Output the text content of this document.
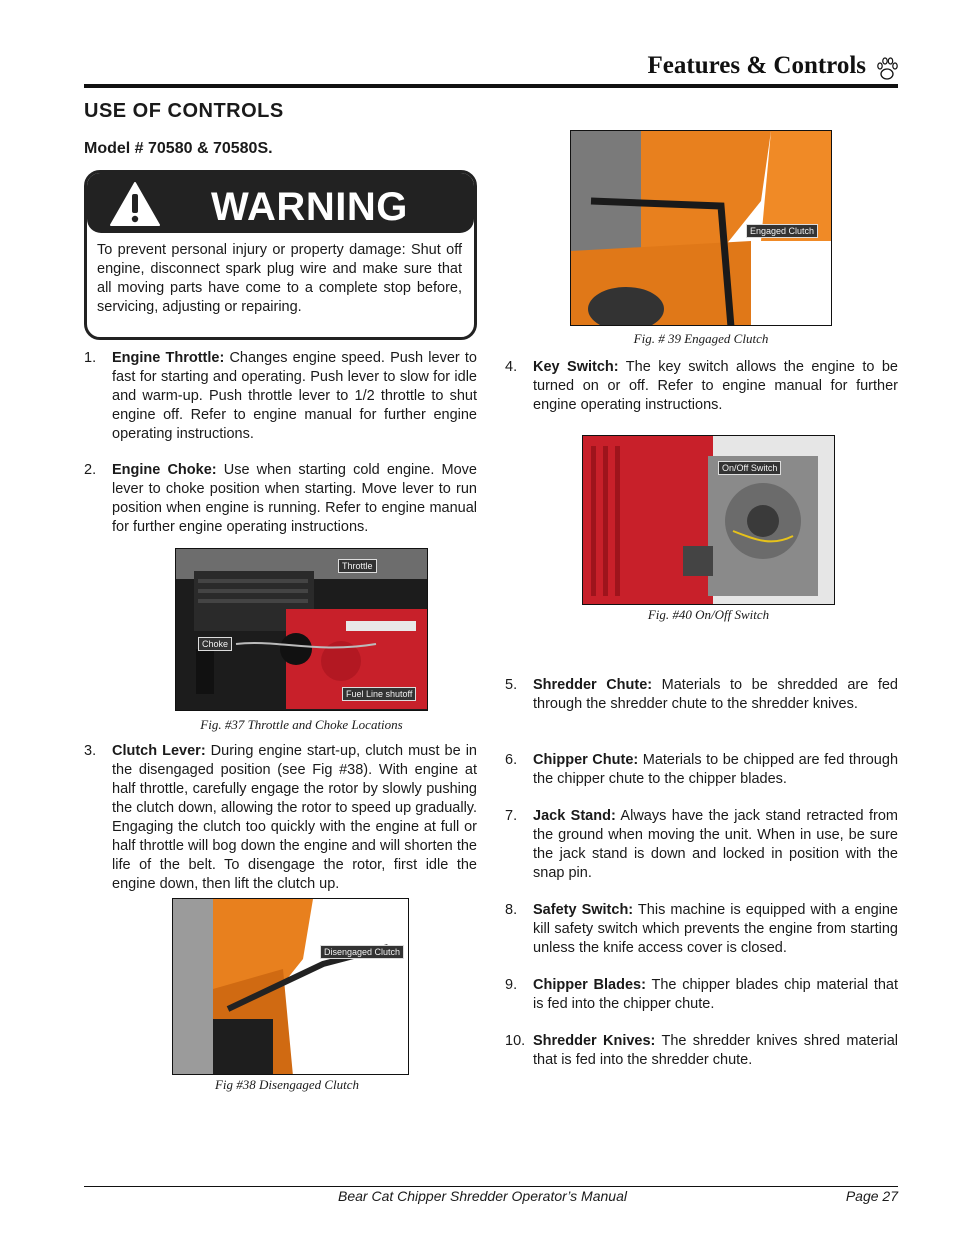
Features & Controls
USE OF CONTROLS
Model # 70580 & 70580S.
WARNING
To prevent personal injury or property damage: Shut off engine, disconnect spark plug wire and make sure that all moving parts have come to a complete stop before, servicing, adjusting or repairing.
1. Engine Throttle: Changes engine speed. Push lever to fast for starting and operating. Push lever to slow for idle and warm-up. Push throttle lever to 1/2 throttle to shut engine off. Refer to engine manual for further engine operating instructions.
2. Engine Choke: Use when starting cold engine. Move lever to choke position when starting. Move lever to run position when engine is running. Refer to engine manual for further engine operating instructions.
Throttle
Choke
Fuel Line shutoff
Fig. #37 Throttle and Choke Locations
3. Clutch Lever: During engine start-up, clutch must be in the disengaged position (see Fig #38). With engine at half throttle, carefully engage the rotor by slowly pushing the clutch down, allowing the rotor to speed up gradually. Engaging the clutch too quickly with the engine at full or half throttle will bog down the engine and will shorten the life of the belt. To disengage the rotor, first idle the engine down, then lift the clutch up.
Disengaged Clutch
Fig #38 Disengaged Clutch
Engaged Clutch
Fig. # 39 Engaged Clutch
4. Key Switch: The key switch allows the engine to be turned on or off. Refer to engine manual for further engine operating instructions.
On/Off Switch
Fig. #40 On/Off Switch
5. Shredder Chute: Materials to be shredded are fed through the shredder chute to the shredder knives.
6. Chipper Chute: Materials to be chipped are fed through the chipper chute to the chipper blades.
7. Jack Stand: Always have the jack stand retracted from the ground when moving the unit. When in use, be sure the jack stand is down and locked in position with the snap pin.
8. Safety Switch: This machine is equipped with a engine kill safety switch which prevents the engine from starting unless the knife access cover is closed.
9. Chipper Blades: The chipper blades chip material that is fed into the chipper chute.
10. Shredder Knives: The shredder knives shred material that is fed into the shredder chute.
Bear Cat Chipper Shredder Operator’s Manual	Page 27
